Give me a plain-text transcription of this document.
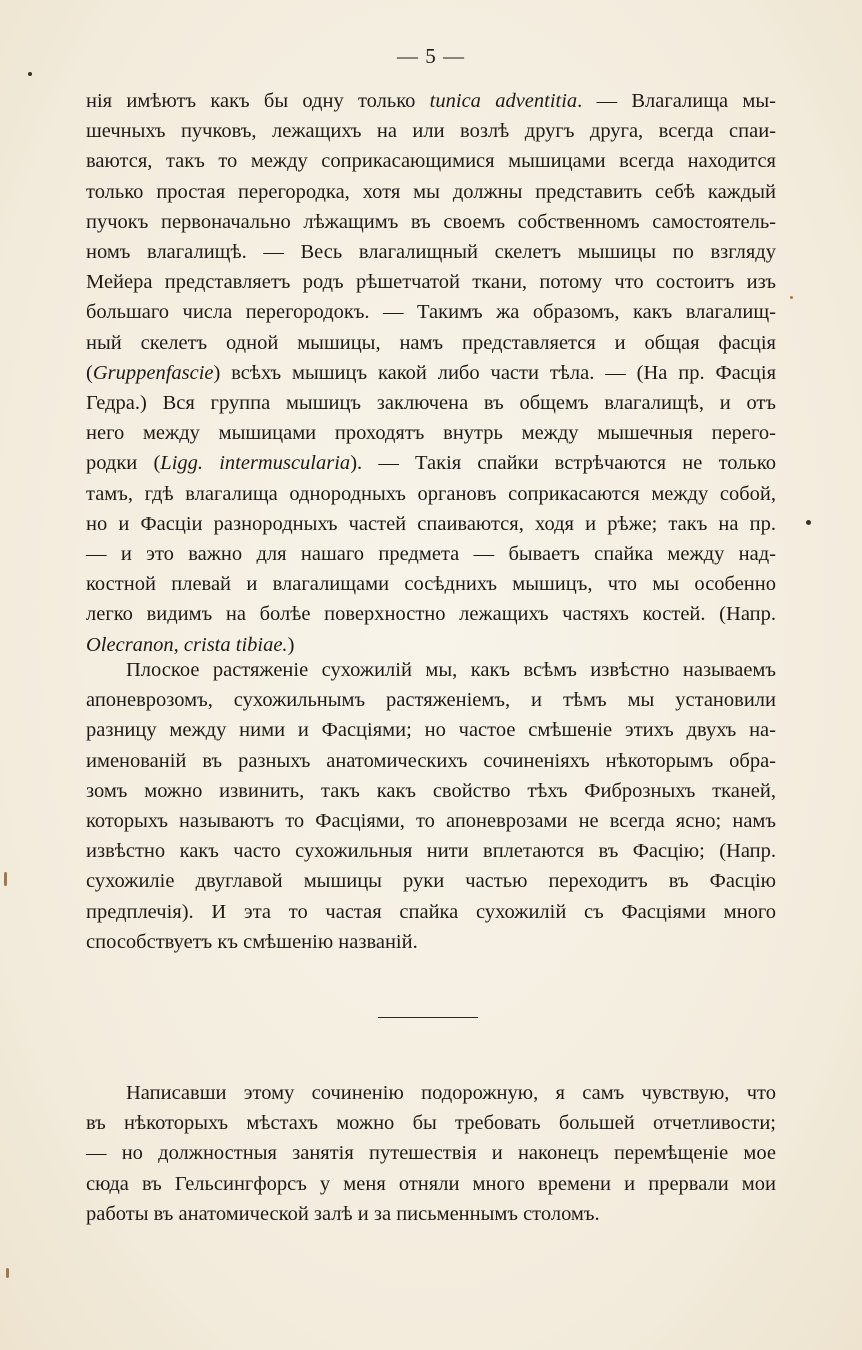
— 5 —
нія имѣютъ какъ бы одну только tunica adventitia. — Влагалища мы-
шечныхъ пучковъ, лежащихъ на или возлѣ другъ друга, всегда спаи-
ваются, такъ то между соприкасающимися мышицами всегда находится
только простая перегородка, хотя мы должны представить себѣ каждый
пучокъ первоначально лѣжащимъ въ своемъ собственномъ самостоятель-
номъ влагалищѣ. — Весь влагалищный скелетъ мышицы по взгляду
Мейера представляетъ родъ рѣшетчатой ткани, потому что состоитъ изъ
большаго числа перегородокъ. — Такимъ жа образомъ, какъ влагалищ-
ный скелетъ одной мышицы, намъ представляется и общая фасція
(Gruppenfascie) всѣхъ мышицъ какой либо части тѣла. — (На пр. Фасція
Гедра.) Вся группа мышицъ заключена въ общемъ влагалищѣ, и отъ
него между мышицами проходятъ внутрь между мышечныя перего-
родки (Ligg. intermuscularia). — Такія спайки встрѣчаются не только
тамъ, гдѣ влагалища однородныхъ органовъ соприкасаются между собой,
но и Фасціи разнородныхъ частей спаиваются, ходя и рѣже; такъ на пр.
— и это важно для нашаго предмета — бываетъ спайка между над-
костной плевай и влагалищами сосѣднихъ мышицъ, что мы особенно
легко видимъ на болѣе поверхностно лежащихъ частяхъ костей. (Напр.
Olecranon, crista tibiae.)
Плоское растяженіе сухожилій мы, какъ всѣмъ извѣстно называемъ
апоневрозомъ, сухожильнымъ растяженіемъ, и тѣмъ мы установили
разницу между ними и Фасціями; но частое смѣшеніе этихъ двухъ на-
именованій въ разныхъ анатомическихъ сочиненіяхъ нѣкоторымъ обра-
зомъ можно извинить, такъ какъ свойство тѣхъ Фиброзныхъ тканей,
которыхъ называютъ то Фасціями, то апоневрозами не всегда ясно; намъ
извѣстно какъ часто сухожильныя нити вплетаются въ Фасцію; (Напр.
сухожиліе двуглавой мышицы руки частью переходитъ въ Фасцію
предплечія). И эта то частая спайка сухожилій съ Фасціями много
способствуетъ къ смѣшенію названій.
Написавши этому сочиненію подорожную, я самъ чувствую, что
въ нѣкоторыхъ мѣстахъ можно бы требовать большей отчетливости;
— но должностныя занятія путешествія и наконецъ перемѣщеніе мое
сюда въ Гельсингфорсъ у меня отняли много времени и прервали мои
работы въ анатомической залѣ и за письменнымъ столомъ.
